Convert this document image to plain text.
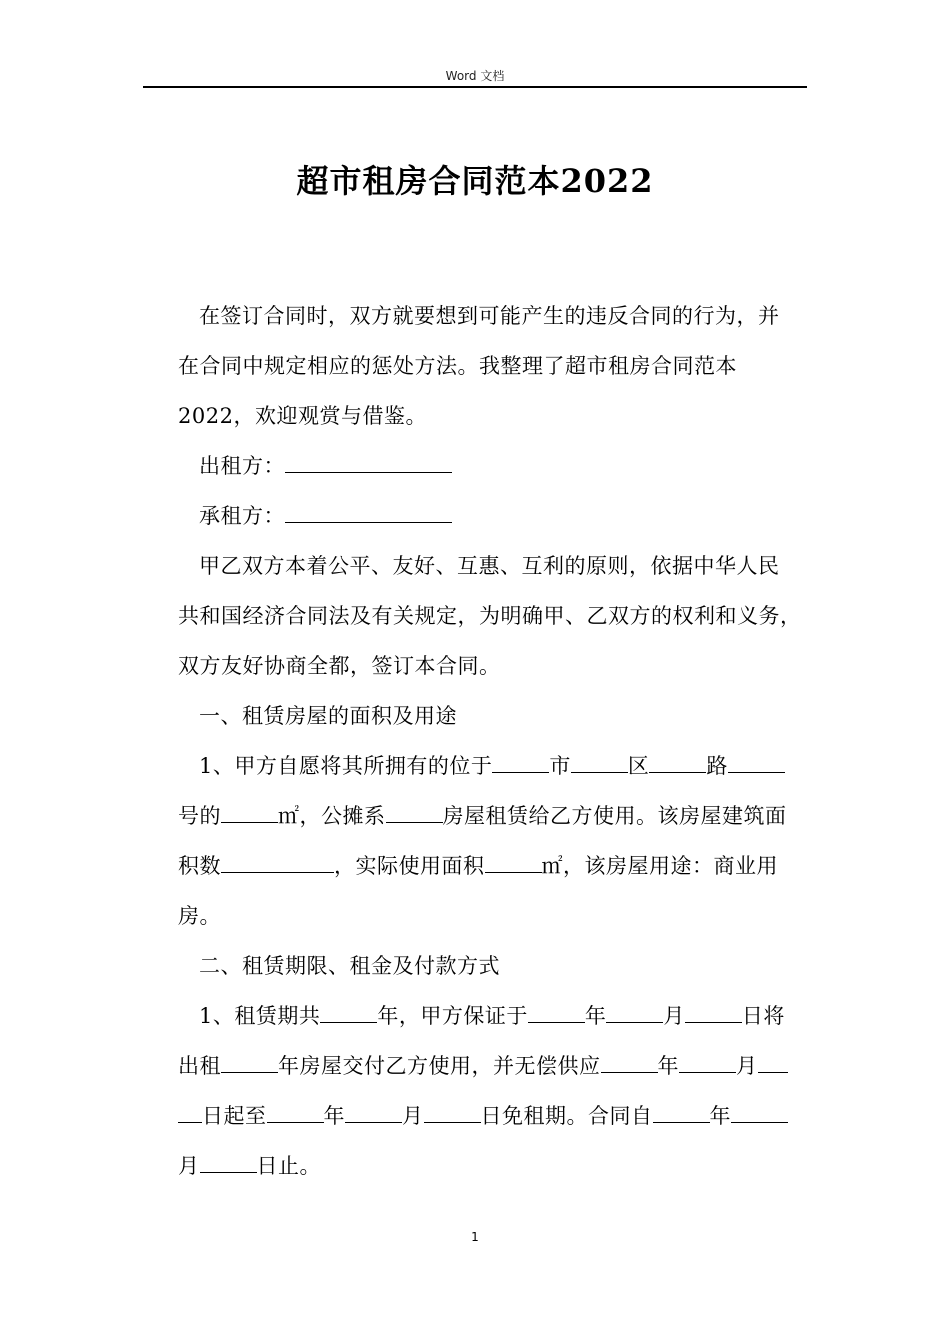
Word 文档
超市租房合同范本2022
在签订合同时，双方就要想到可能产生的违反合同的行为，并
在合同中规定相应的惩处方法。我整理了超市租房合同范本
2022，欢迎观赏与借鉴。
出租方：
承租方：
甲乙双方本着公平、友好、互惠、互利的原则，依据中华人民
共和国经济合同法及有关规定，为明确甲、乙双方的权利和义务，
双方友好协商全都，签订本合同。
一、租赁房屋的面积及用途
1、甲方自愿将其所拥有的位于	市	区	路
号的	㎡，公摊系	房屋租赁给乙方使用。该房屋建筑面
积数	，实际使用面积	㎡，该房屋用途：商业用
房。
二、租赁期限、租金及付款方式
1、租赁期共	年，甲方保证于	年	月	日将
出租	年房屋交付乙方使用，并无偿供应	年	月
日起至	年	月	日免租期。合同自	年
月	日止。
1
